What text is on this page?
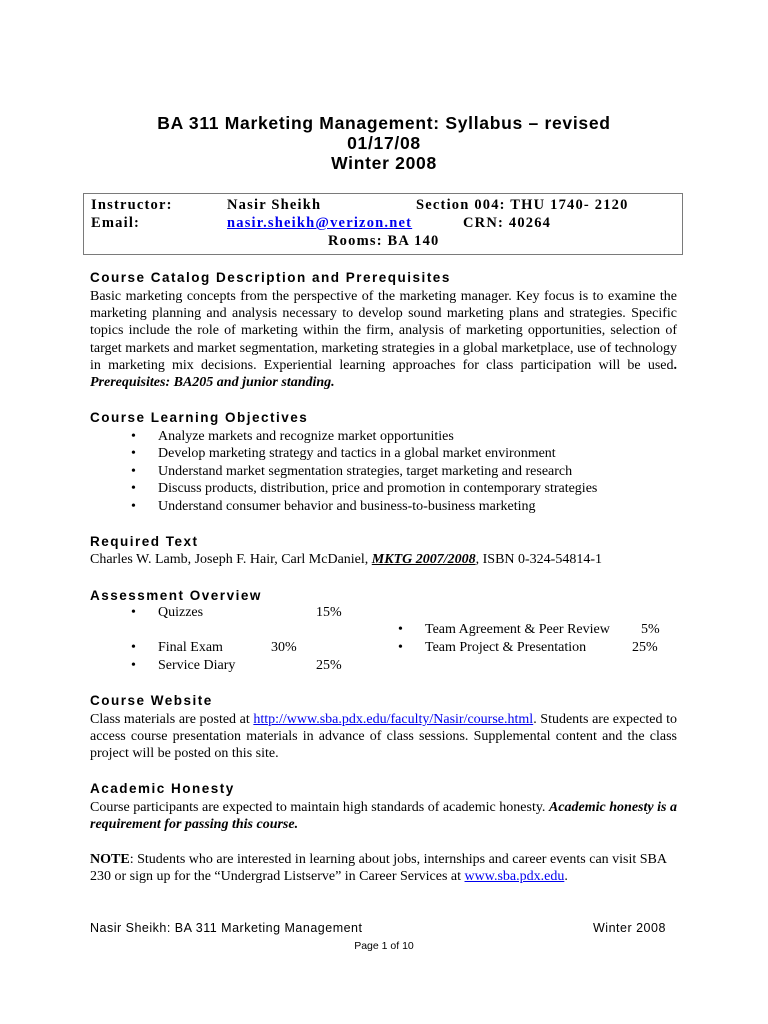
BA 311 Marketing Management: Syllabus – revised
01/17/08
Winter 2008
Instructor:	Nasir Sheikh	Section 004: THU 1740- 2120
Email:	nasir.sheikh@verizon.net	CRN: 40264
Rooms: BA 140
Course Catalog Description and Prerequisites
Basic marketing concepts from the perspective of the marketing manager. Key focus is to examine the marketing planning and analysis necessary to develop sound marketing plans and strategies. Specific topics include the role of marketing within the firm, analysis of marketing opportunities, selection of target markets and market segmentation, marketing strategies in a global marketplace, use of technology in marketing mix decisions. Experiential learning approaches for class participation will be used. Prerequisites: BA205 and junior standing.
Course Learning Objectives
• Analyze markets and recognize market opportunities
• Develop marketing strategy and tactics in a global market environment
• Understand market segmentation strategies, target marketing and research
• Discuss products, distribution, price and promotion in contemporary strategies
• Understand consumer behavior and business-to-business marketing
Required Text
Charles W. Lamb, Joseph F. Hair, Carl McDaniel, MKTG 2007/2008, ISBN 0-324-54814-1
Assessment Overview
• Quizzes	15%
• Team Agreement & Peer Review 5%
• Final Exam	30%	• Team Project & Presentation	25%
• Service Diary	25%
Course Website
Class materials are posted at http://www.sba.pdx.edu/faculty/Nasir/course.html. Students are expected to access course presentation materials in advance of class sessions. Supplemental content and the class project will be posted on this site.
Academic Honesty
Course participants are expected to maintain high standards of academic honesty. Academic honesty is a requirement for passing this course.
NOTE: Students who are interested in learning about jobs, internships and career events can visit SBA 230 or sign up for the “Undergrad Listserve” in Career Services at www.sba.pdx.edu.
Nasir Sheikh: BA 311 Marketing Management	Winter 2008
Page 1 of 10
